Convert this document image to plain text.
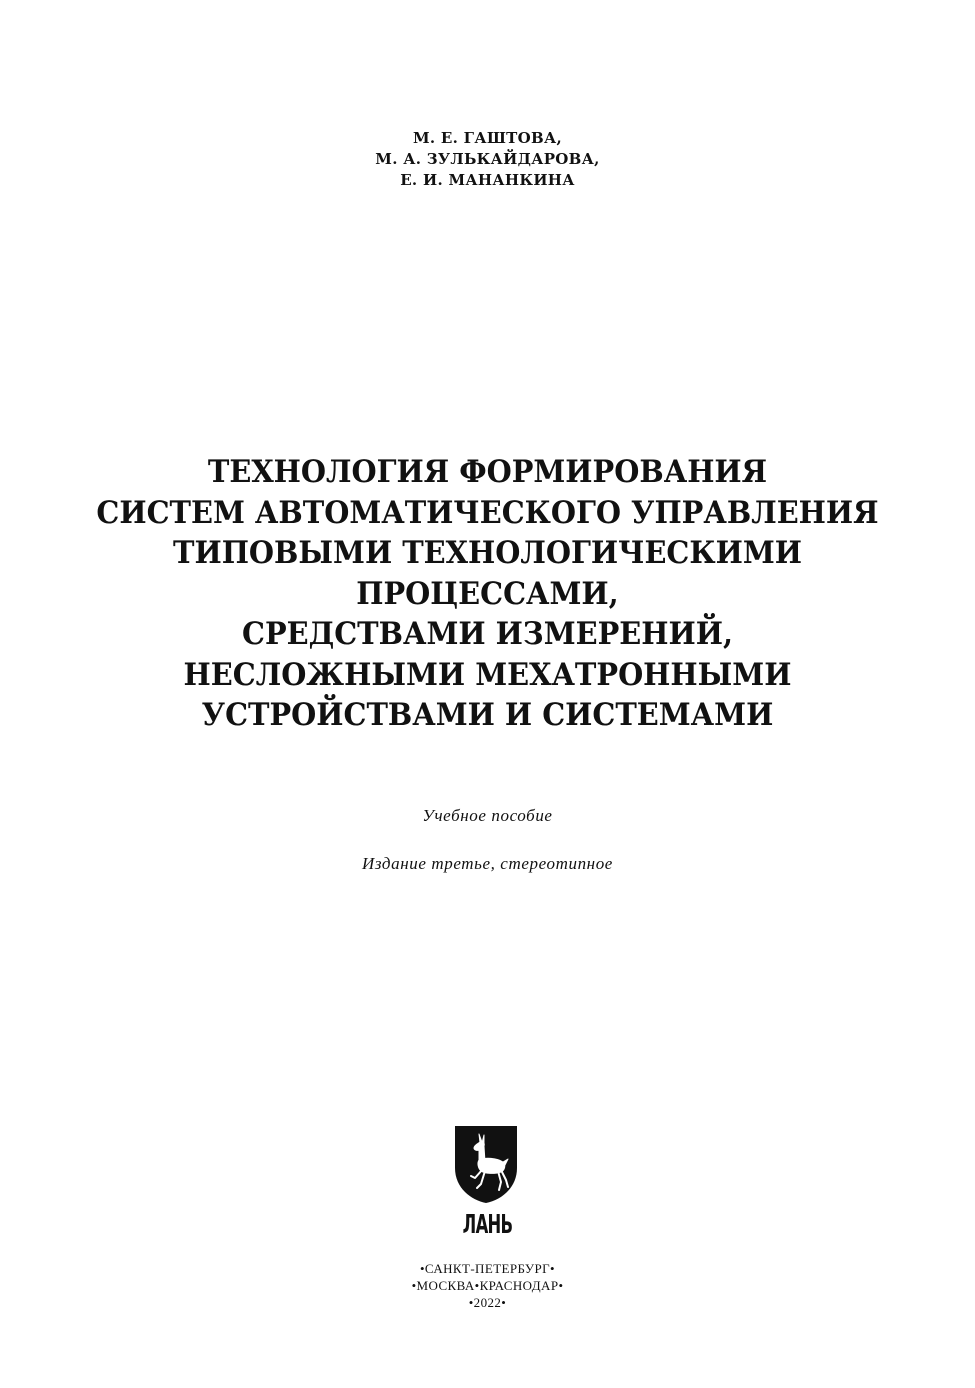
М. Е. ГАШТОВА,
М. А. ЗУЛЬКАЙДАРОВА,
Е. И. МАНАНКИНА
ТЕХНОЛОГИЯ ФОРМИРОВАНИЯ
СИСТЕМ АВТОМАТИЧЕСКОГО УПРАВЛЕНИЯ
ТИПОВЫМИ ТЕХНОЛОГИЧЕСКИМИ
ПРОЦЕССАМИ,
СРЕДСТВАМИ ИЗМЕРЕНИЙ,
НЕСЛОЖНЫМИ МЕХАТРОННЫМИ
УСТРОЙСТВАМИ И СИСТЕМАМИ
Учебное пособие
Издание третье, стереотипное
ЛАНЬ
•САНКТ-ПЕТЕРБУРГ•
•МОСКВА•КРАСНОДАР•
•2022•
